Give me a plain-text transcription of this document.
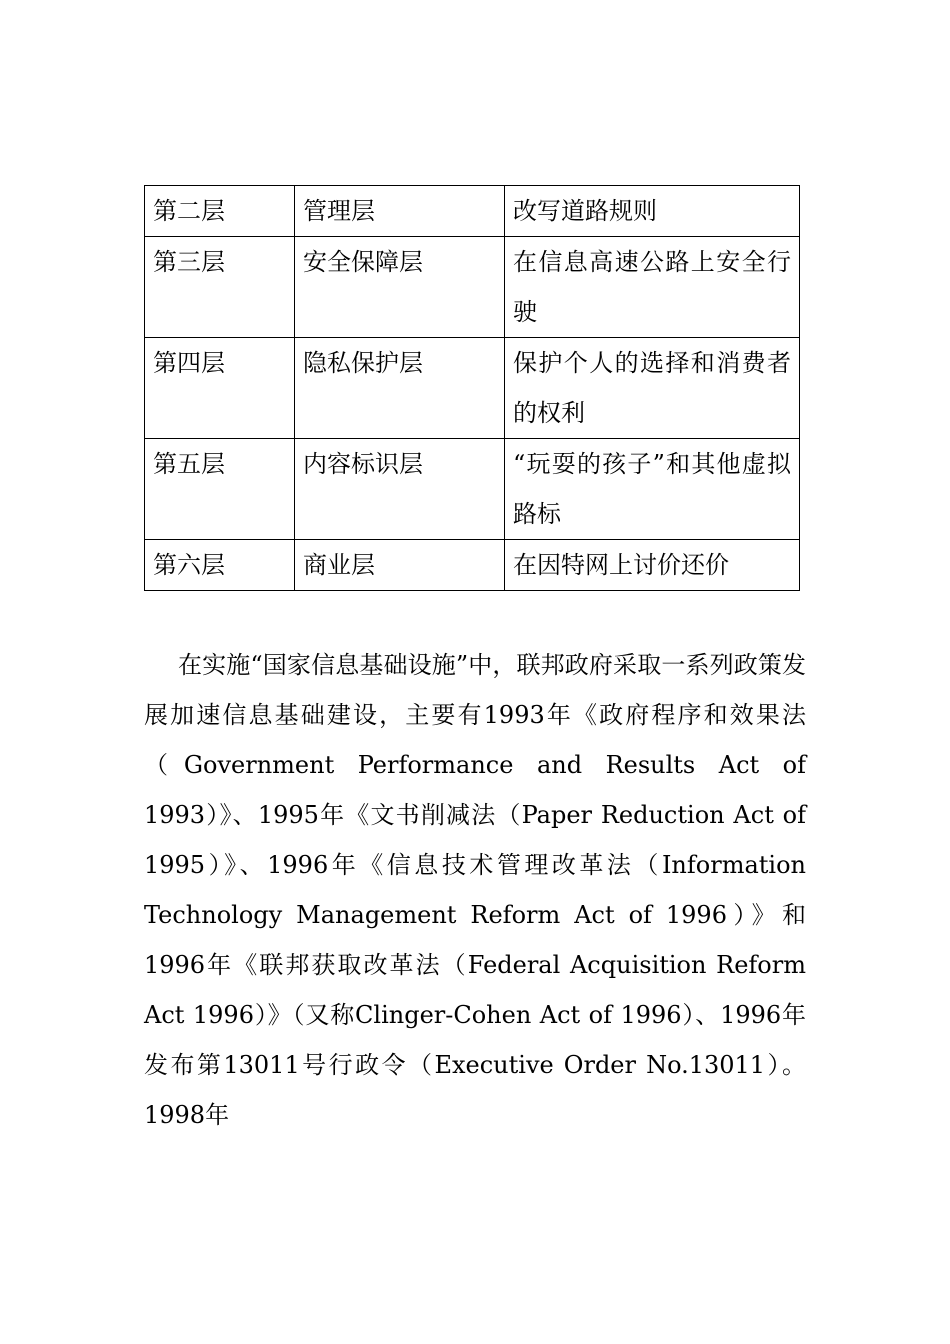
第二层	管理层	改写道路规则
第三层	安全保障层	在信息高速公路上安全行驶
第四层	隐私保护层	保护个人的选择和消费者的权利
第五层	内容标识层	“玩耍的孩子”和其他虚拟路标
第六层	商业层	在因特网上讨价还价

在实施“国家信息基础设施”中，联邦政府采取一系列政策发展加速信息基础建设，主要有1993年《政府程序和效果法（Government Performance and Results Act of 1993）》、1995年《文书削减法（Paper Reduction Act of 1995）》、1996年《信息技术管理改革法（Information Technology Management Reform Act of 1996）》和1996年《联邦获取改革法（Federal Acquisition Reform Act 1996）》（又称Clinger-Cohen Act of 1996）、1996年发布第13011号行政令（Executive Order No.13011）。1998年
